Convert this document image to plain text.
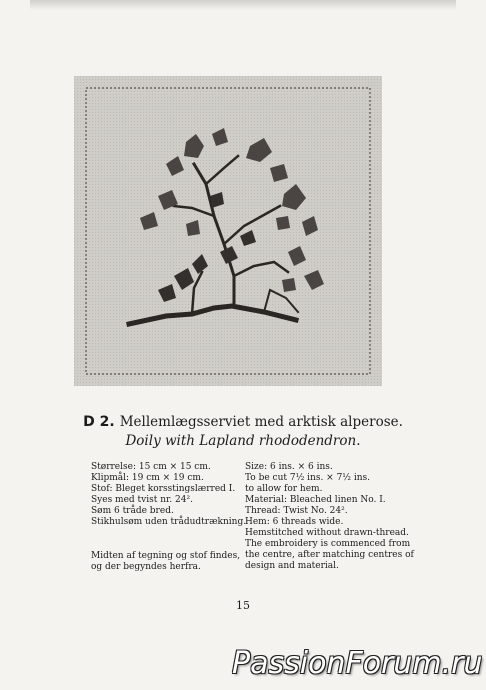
D 2. Mellemlægsserviet med arktisk alperose.
Doily with Lapland rhododendron.
Størrelse: 15 cm × 15 cm.
Klipmål: 19 cm × 19 cm.
Stof: Bleget korsstingslærred I.
Syes med tvist nr. 24².
Søm 6 tråde bred.
Stikhulsøm uden trådudtrækning.
Midten af tegning og stof findes,
og der begyndes herfra.
Size: 6 ins. × 6 ins.
To be cut 7½ ins. × 7½ ins.
to allow for hem.
Material: Bleached linen No. I.
Thread: Twist No. 24².
Hem: 6 threads wide.
Hemstitched without drawn-thread.
The embroidery is commenced from
the centre, after matching centres of
design and material.
15
PassionForum.ru
